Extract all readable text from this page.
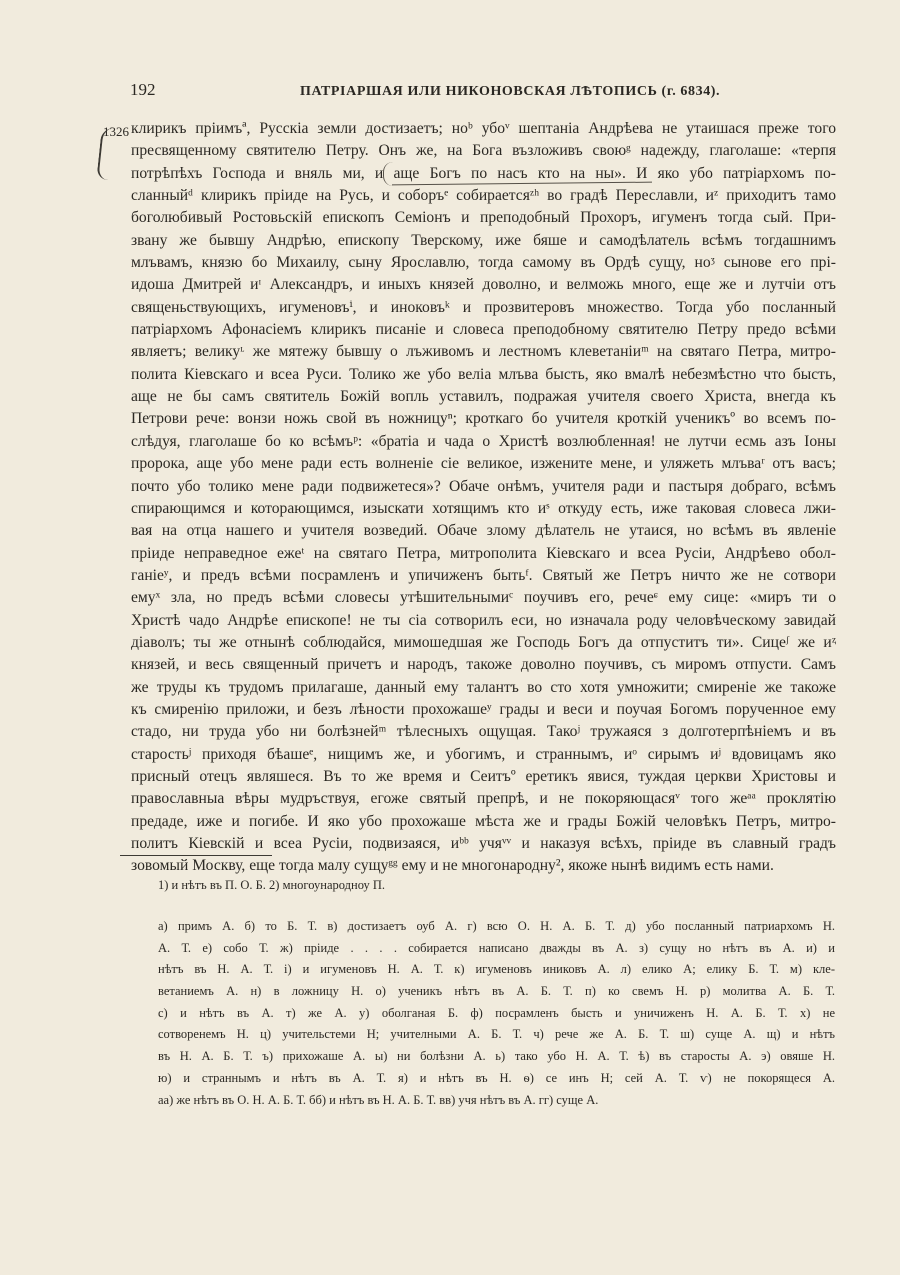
192	ПАТРІАРШАЯ ИЛИ НИКОНОВСКАЯ ЛѢТОПИСЬ (г. 6834).
1326 клирикъ пріимъª, Русскіа земли достизаетъ; ноᵇ убоᵛ шептаніа Андрѣева не утаишася преже того
пресвященному святителю Петру. Онъ же, на Бога възложивъ своюᵍ надежду, глаголаше: «терпя
потрѣпѣхъ Господа и вняль ми, и аще Богъ по насъ кто на ны». И яко убо патріархомъ по-
сланныйᵈ клирикъ пріиде на Русь, и соборъᵉ собираетсяᶻʰ во градѣ Переславли, иᶻ приходитъ тамо
боголюбивый Ростовьскій епископъ Семіонъ и преподобный Прохоръ, игуменъ тогда сый. При-
звану же бывшу Андрѣю, епископу Тверскому, иже бяше и самодѣлатель всѣмъ тогдашнимъ
млъвамъ, князю бо Михаилу, сыну Ярославлю, тогда самому въ Ордѣ сущу, ноᶾ сынове его прі-
идоша Дмитрей иᶦ Александръ, и иныхъ князей доволно, и велможь много, еще же и лутчіи отъ
священьствующихъ, игуменовъⁱ, и иноковъᵏ и прозвитеровъ множество. Тогда убо посланный
патріархомъ Афонасіемъ клирикъ писаніе и словеса преподобному святителю Петру предо всѣми
являетъ; великуᶫ же мятежу бывшу о лъживомъ и лестномъ клеветаніиᵐ на святаго Петра, митро-
полита Кіевскаго и всеа Руси. Толико же убо веліа млъва бысть, яко вмалѣ небезмѣстно что бысть,
аще не бы самъ святитель Божій вопль уставилъ, подражая учителя своего Христа, внегда къ
Петрови рече: вонзи ножь свой въ ножницуⁿ; кроткаго бо учителя кроткій ученикъº во всемъ по-
слѣдуя, глаголаше бо ко всѣмъᵖ: «братіа и чада о Христѣ возлюбленная! не лутчи есмь азъ Іоны
пророка, аще убо мене ради есть волненіе сіе великое, изжените мене, и уляжеть млъваʳ отъ васъ;
почто убо толико мене ради подвижетеся»? Обаче онѣмъ, учителя ради и пастыря добраго, всѣмъ
спирающимся и которающимся, изыскати хотящимъ кто иˢ откуду есть, иже таковая словеса лжи-
вая на отца нашего и учителя возведий. Обаче злому дѣлатель не утаися, но всѣмъ въ явленіе
пріиде неправедное ежеᵗ на святаго Петра, митрополита Кіевскаго и всеа Русіи, Андрѣево обол-
ганіеʸ, и предъ всѣми посрамленъ и упичиженъ бытьᶠ. Святый же Петръ ничто же не сотвори
емуˣ зла, но предъ всѣми словесы утѣшительнымиᶜ поучивъ его, речеᶝ ему сице: «миръ ти о
Христѣ чадо Андрѣе епископе! не ты сіа сотворилъ еси, но изначала роду человѣческому завидай
діаволъ; ты же отнынѣ соблюдайся, мимошедшая же Господь Богъ да отпуститъ ти». Сицеᶴ же иᶼ
князей, и весь священный причетъ и народъ, такоже доволно поучивъ, съ миромъ отпусти. Самъ
же труды къ трудомъ прилагаше, данный ему талантъ во сто хотя умножити; смиреніе же такоже
къ смиренію приложи, и безъ лѣности прохожашеʸ грады и веси и поучая Богомъ порученное ему
стадо, ни труда убо ни болѣзнейᵐ тѣлесныхъ ощущая. Такоʲ тружаяся з долготерпѣніемъ и въ
старостьʲ приходя бѣашеᵉ, нищимъ же, и убогимъ, и страннымъ, иᵒ сирымъ иʲ вдовицамъ яко
присный отецъ являшеся. Въ то же время и Сеитъº еретикъ явися, туждая церкви Христовы и
православныа вѣры мудръствуя, егоже святый препрѣ, и не покоряющасяᵛ того жеᵃᵃ проклятію
предаде, иже и погибе. И яко убо прохожаше мѣста же и грады Божій человѣкъ Петръ, митро-
политъ Кіевскій и всеа Русіи, подвизаяся, иᵇᵇ учяᵛᵛ и наказуя всѣхъ, пріиде въ славный градъ
зовомый Москву, еще тогда малу сущуᵍᵍ ему и не многонародну², якоже нынѣ видимъ есть нами.
1) и нѣтъ въ П. О. Б. 2) многоународноу П.
а) примъ А. б) то Б. Т. в) достизаетъ оуб А. г) всю О. Н. А. Б. Т. д) убо посланный патриархомъ Н.
А. Т. е) собо Т. ж) пріиде . . . . собирается написано дважды въ А. з) сущу но нѣтъ въ А. и) и
нѣтъ въ Н. А. Т. і) и игуменовъ Н. А. Т. к) игуменовъ иниковъ А. л) елико А; елику Б. Т. м) кле-
ветаниемъ А. н) в ложницу Н. о) ученикъ нѣтъ въ А. Б. Т. п) ко свемъ Н. р) молитва А. Б. Т.
с) и нѣтъ въ А. т) же А. у) оболганая Б. ф) посрамленъ бысть и уничиженъ Н. А. Б. Т. х) не
сотворенемъ Н. ц) учительстеми Н; учителными А. Б. Т. ч) рече же А. Б. Т. ш) суще А. щ) и нѣтъ
въ Н. А. Б. Т. ъ) прихожаше А. ы) ни болѣзни А. ь) тако убо Н. А. Т. ѣ) въ старосты А. э) овяше Н.
ю) и страннымъ и нѣтъ въ А. Т. я) и нѣтъ въ Н. ѳ) се инъ Н; сей А. Т. ѵ) не покорящеся А.
аа) же нѣтъ въ О. Н. А. Б. Т. бб) и нѣтъ въ Н. А. Б. Т. вв) учя нѣтъ въ А. гг) суще А.
